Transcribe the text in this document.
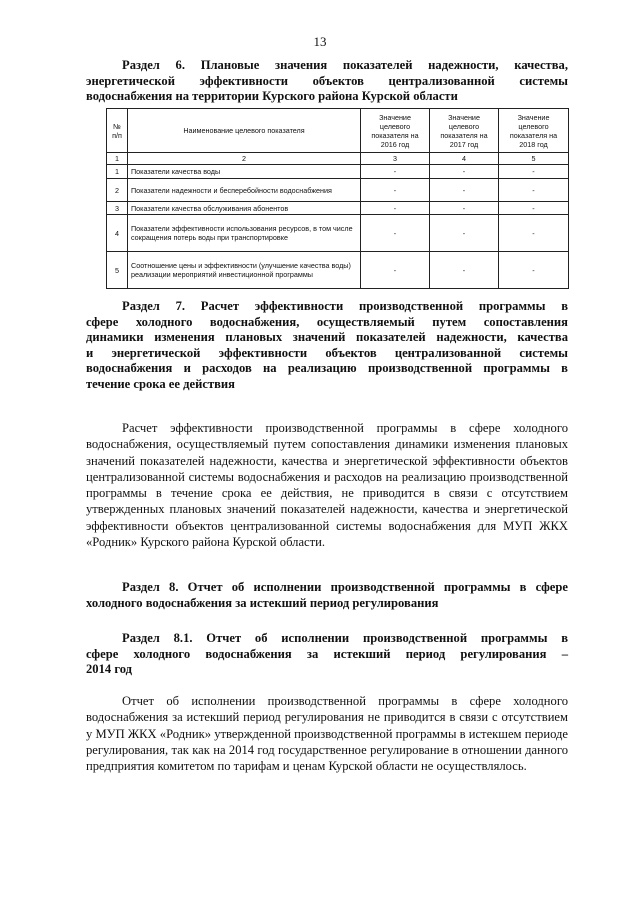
13
Раздел 6. Плановые значения показателей надежности, качества,
энергетической эффективности объектов централизованной системы
водоснабжения на территории Курского района Курской области
№ п/п	Наименование целевого показателя	Значение целевого показателя на 2016 год	Значение целевого показателя на 2017 год	Значение целевого показателя на 2018 год
1	2	3	4	5
1	Показатели качества воды	-	-	-
2	Показатели надежности и бесперебойности водоснабжения	-	-	-
3	Показатели качества обслуживания абонентов	-	-	-
4	Показатели эффективности использования ресурсов, в том числе сокращения потерь воды при транспортировке	-	-	-
5	Соотношение цены и эффективности (улучшение качества воды) реализации мероприятий инвестиционной программы	-	-	-
Раздел 7. Расчет эффективности производственной программы в
сфере холодного водоснабжения, осуществляемый путем сопоставления
динамики изменения плановых значений показателей надежности, качества
и энергетической эффективности объектов централизованной системы
водоснабжения и расходов на реализацию производственной программы в
течение срока ее действия
Расчет эффективности производственной программы в сфере холодного водоснабжения, осуществляемый путем сопоставления динамики изменения плановых значений показателей надежности, качества и энергетической эффективности объектов централизованной системы водоснабжения и расходов на реализацию производственной программы в течение срока ее действия, не приводится в связи с отсутствием утвержденных плановых значений показателей надежности, качества и энергетической эффективности объектов централизованной системы водоснабжения для МУП ЖКХ «Родник» Курского района Курской области.
Раздел 8. Отчет об исполнении производственной программы в сфере
холодного водоснабжения за истекший период регулирования
Раздел 8.1. Отчет об исполнении производственной программы в
сфере холодного водоснабжения за истекший период регулирования –
2014 год
Отчет об исполнении производственной программы в сфере холодного водоснабжения за истекший период регулирования не приводится в связи с отсутствием у МУП ЖКХ «Родник» утвержденной производственной программы в истекшем периоде регулирования, так как на 2014 год государственное регулирование в отношении данного предприятия комитетом по тарифам и ценам Курской области не осуществлялось.
